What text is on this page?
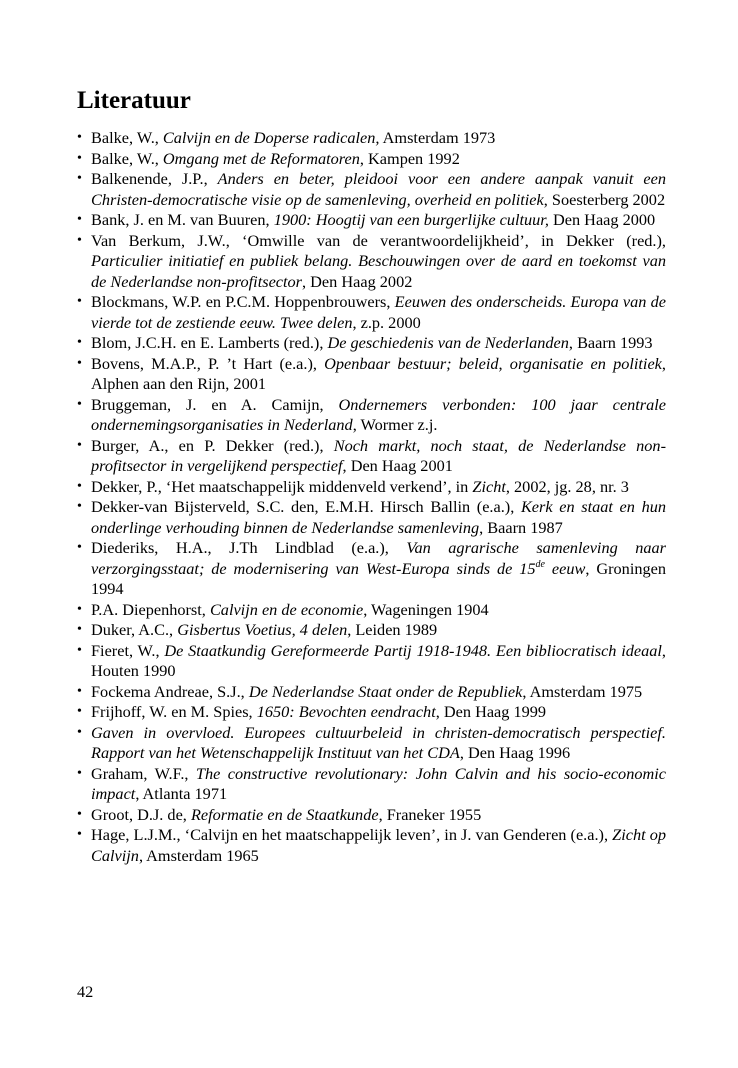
Literatuur
• Balke, W., Calvijn en de Doperse radicalen, Amsterdam 1973
• Balke, W., Omgang met de Reformatoren, Kampen 1992
• Balkenende, J.P., Anders en beter, pleidooi voor een andere aanpak vanuit een Christen-democratische visie op de samenleving, overheid en politiek, Soesterberg 2002
• Bank, J. en M. van Buuren, 1900: Hoogtij van een burgerlijke cultuur, Den Haag 2000
• Van Berkum, J.W., ‘Omwille van de verantwoordelijkheid’, in Dekker (red.), Particulier initiatief en publiek belang. Beschouwingen over de aard en toekomst van de Nederlandse non-profitsector, Den Haag 2002
• Blockmans, W.P. en P.C.M. Hoppenbrouwers, Eeuwen des onderscheids. Europa van de vierde tot de zestiende eeuw. Twee delen, z.p. 2000
• Blom, J.C.H. en E. Lamberts (red.), De geschiedenis van de Nederlanden, Baarn 1993
• Bovens, M.A.P., P. ’t Hart (e.a.), Openbaar bestuur; beleid, organisatie en politiek, Alphen aan den Rijn, 2001
• Bruggeman, J. en A. Camijn, Ondernemers verbonden: 100 jaar centrale ondernemingsorganisaties in Nederland, Wormer z.j.
• Burger, A., en P. Dekker (red.), Noch markt, noch staat, de Nederlandse non-profitsector in vergelijkend perspectief, Den Haag 2001
• Dekker, P., ‘Het maatschappelijk middenveld verkend’, in Zicht, 2002, jg. 28, nr. 3
• Dekker-van Bijsterveld, S.C. den, E.M.H. Hirsch Ballin (e.a.), Kerk en staat en hun onderlinge verhouding binnen de Nederlandse samenleving, Baarn 1987
• Diederiks, H.A., J.Th Lindblad (e.a.), Van agrarische samenleving naar verzorgingsstaat; de modernisering van West-Europa sinds de 15de eeuw, Groningen 1994
• P.A. Diepenhorst, Calvijn en de economie, Wageningen 1904
• Duker, A.C., Gisbertus Voetius, 4 delen, Leiden 1989
• Fieret, W., De Staatkundig Gereformeerde Partij 1918-1948. Een bibliocratisch ideaal, Houten 1990
• Fockema Andreae, S.J., De Nederlandse Staat onder de Republiek, Amsterdam 1975
• Frijhoff, W. en M. Spies, 1650: Bevochten eendracht, Den Haag 1999
• Gaven in overvloed. Europees cultuurbeleid in christen-democratisch perspectief. Rapport van het Wetenschappelijk Instituut van het CDA, Den Haag 1996
• Graham, W.F., The constructive revolutionary: John Calvin and his socio-economic impact, Atlanta 1971
• Groot, D.J. de, Reformatie en de Staatkunde, Franeker 1955
• Hage, L.J.M., ‘Calvijn en het maatschappelijk leven’, in J. van Genderen (e.a.), Zicht op Calvijn, Amsterdam 1965
42
